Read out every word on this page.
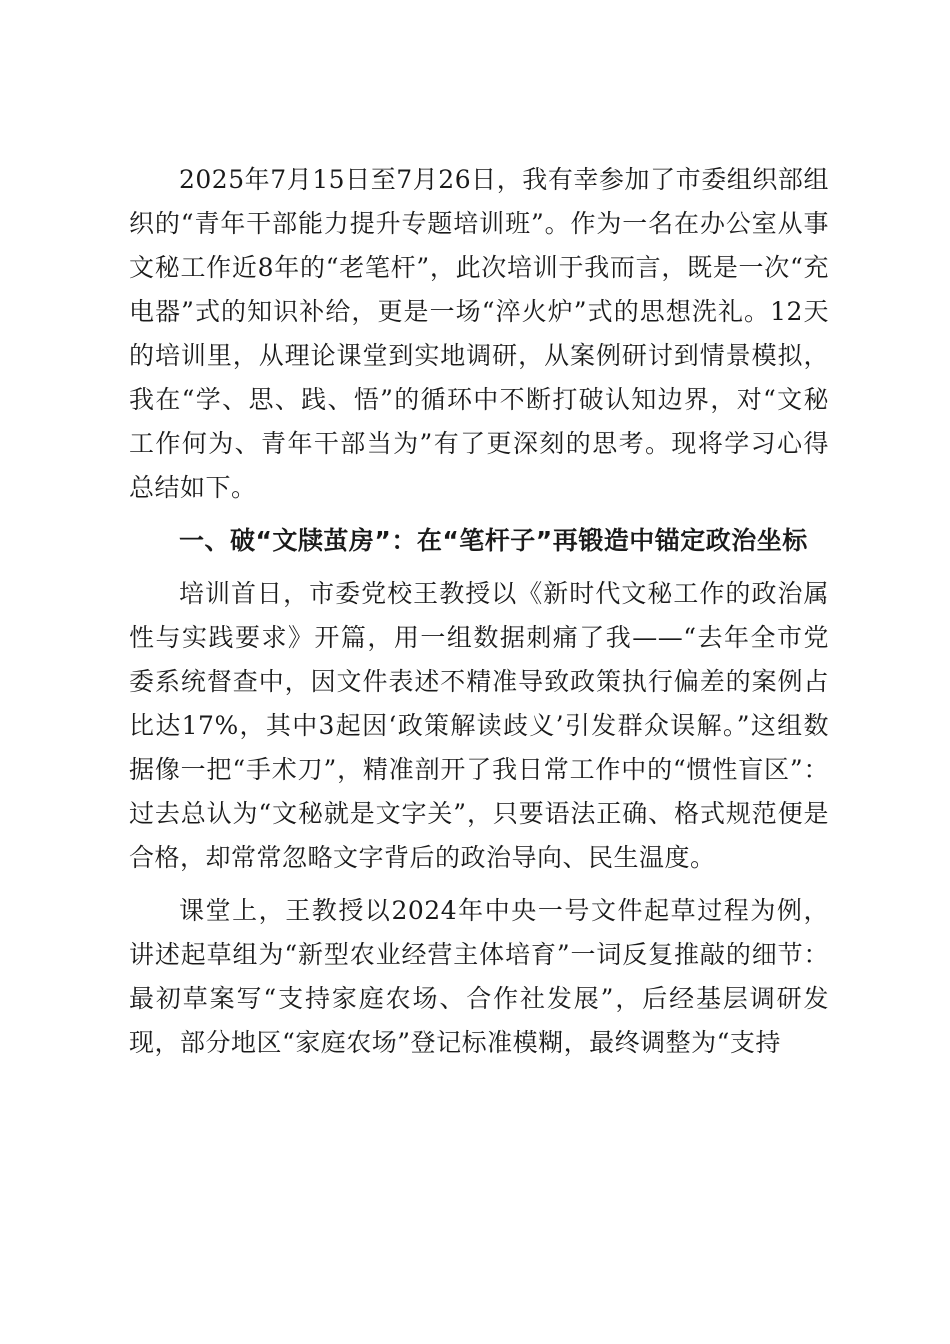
2025年7月15日至7月26日，我有幸参加了市委组织部组织的“青年干部能力提升专题培训班”。作为一名在办公室从事文秘工作近8年的“老笔杆”，此次培训于我而言，既是一次“充电器”式的知识补给，更是一场“淬火炉”式的思想洗礼。12天的培训里，从理论课堂到实地调研，从案例研讨到情景模拟，我在“学、思、践、悟”的循环中不断打破认知边界，对“文秘工作何为、青年干部当为”有了更深刻的思考。现将学习心得总结如下。

一、破“文牍茧房”：在“笔杆子”再锻造中锚定政治坐标

培训首日，市委党校王教授以《新时代文秘工作的政治属性与实践要求》开篇，用一组数据刺痛了我——“去年全市党委系统督查中，因文件表述不精准导致政策执行偏差的案例占比达17%，其中3起因‘政策解读歧义’引发群众误解。”这组数据像一把“手术刀”，精准剖开了我日常工作中的“惯性盲区”：过去总认为“文秘就是文字关”，只要语法正确、格式规范便是合格，却常常忽略文字背后的政治导向、民生温度。

课堂上，王教授以2024年中央一号文件起草过程为例，讲述起草组为“新型农业经营主体培育”一词反复推敲的细节：最初草案写“支持家庭农场、合作社发展”，后经基层调研发现，部分地区“家庭农场”登记标准模糊，最终调整为“支持
